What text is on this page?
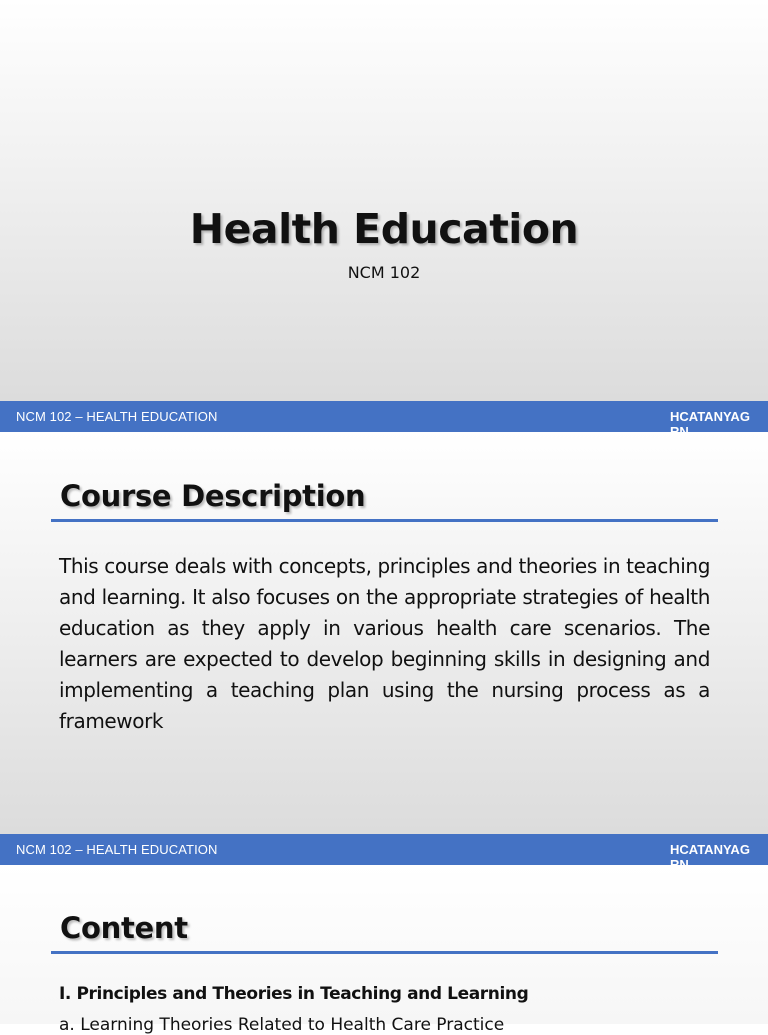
Health Education
NCM 102
NCM 102 – HEALTH EDUCATION	HCATANYAG
Course Description
This course deals with concepts, principles and theories in teaching and learning. It also focuses on the appropriate strategies of health education as they apply in various health care scenarios. The learners are expected to develop beginning skills in designing and implementing a teaching plan using the nursing process as a framework
NCM 102 – HEALTH EDUCATION	HCATANYAG
Content
I. Principles and Theories in Teaching and Learning
a. Learning Theories Related to Health Care Practice
